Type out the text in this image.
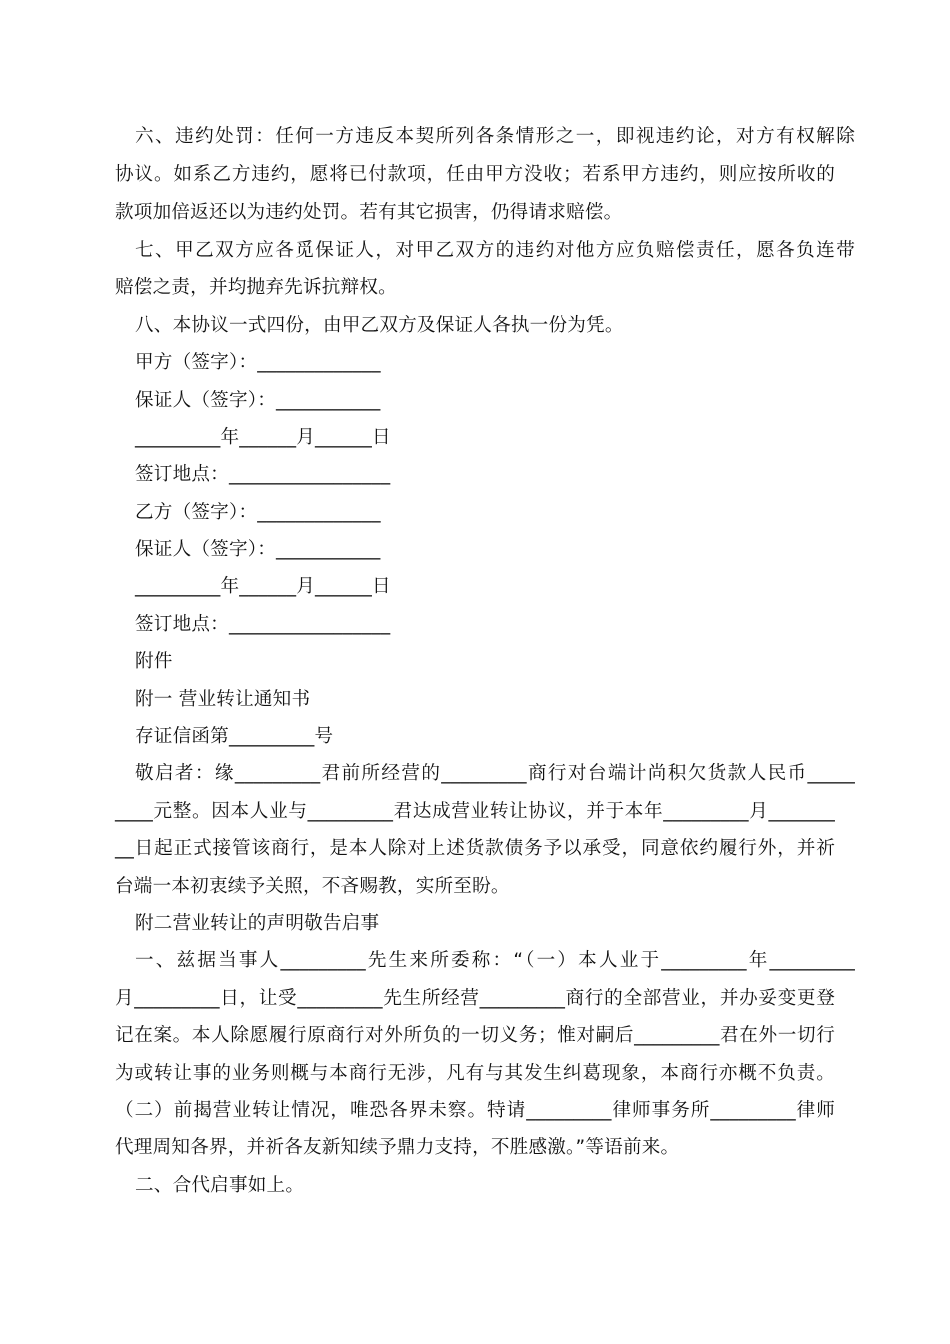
六、违约处罚：任何一方违反本契所列各条情形之一，即视违约论，对方有权解除
协议。如系乙方违约，愿将已付款项，任由甲方没收；若系甲方违约，则应按所收的
款项加倍返还以为违约处罚。若有其它损害，仍得请求赔偿。
七、甲乙双方应各觅保证人，对甲乙双方的违约对他方应负赔偿责任，愿各负连带
赔偿之责，并均抛弃先诉抗辩权。
八、本协议一式四份，由甲乙双方及保证人各执一份为凭。
甲方（签字）：_____________
保证人（签字）：___________
_________年______月______日
签订地点：_________________
乙方（签字）：_____________
保证人（签字）：___________
_________年______月______日
签订地点：_________________
附件
附一 营业转让通知书
存证信函第_________号
敬启者：缘_________君前所经营的_________商行对台端计尚积欠货款人民币_____
____元整。因本人业与_________君达成营业转让协议，并于本年_________月_______
__日起正式接管该商行，是本人除对上述货款债务予以承受，同意依约履行外，并祈
台端一本初衷续予关照，不吝赐教，实所至盼。
附二营业转让的声明敬告启事
一、兹据当事人_________先生来所委称：“（一）本人业于_________年_________
月_________日，让受_________先生所经营_________商行的全部营业，并办妥变更登
记在案。本人除愿履行原商行对外所负的一切义务；惟对嗣后_________君在外一切行
为或转让事的业务则概与本商行无涉，凡有与其发生纠葛现象，本商行亦概不负责。
（二）前揭营业转让情况，唯恐各界未察。特请_________律师事务所_________律师
代理周知各界，并祈各友新知续予鼎力支持，不胜感激。”等语前来。
二、合代启事如上。
